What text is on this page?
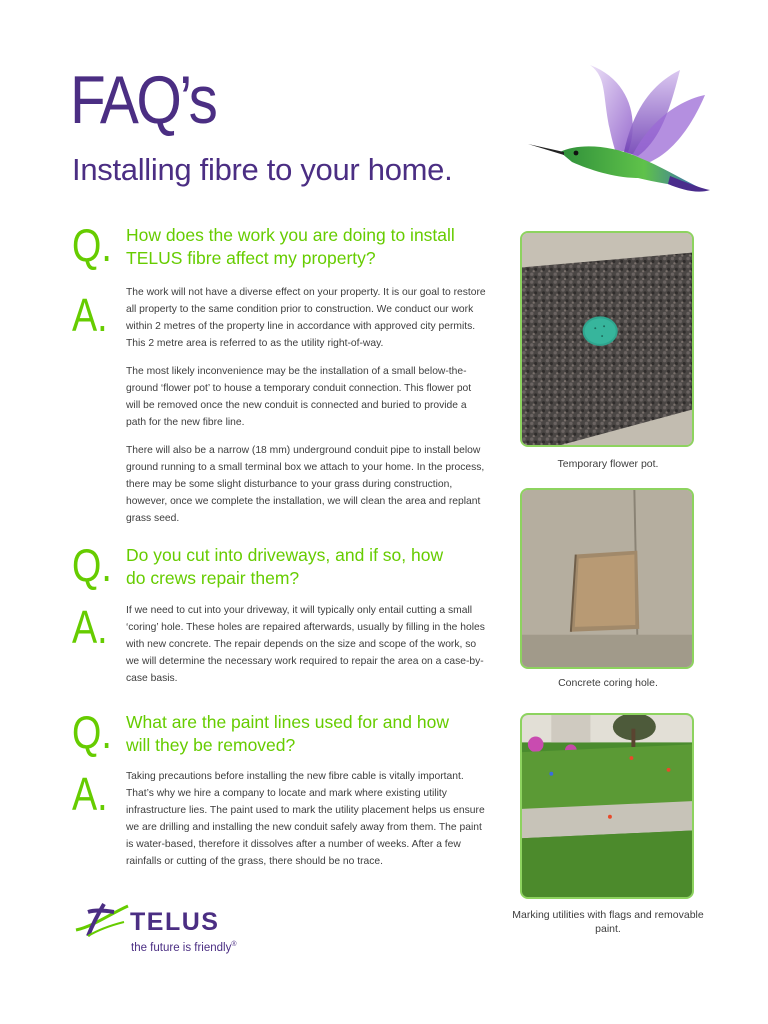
FAQ’s
Installing fibre to your home.
Q. How does the work you are doing to install TELUS fibre affect my property?
A. The work will not have a diverse effect on your property. It is our goal to restore all property to the same condition prior to construction. We conduct our work within 2 metres of the property line in accordance with approved city permits. This 2 metre area is referred to as the utility right-of-way.

The most likely inconvenience may be the installation of a small below-the-ground ‘flower pot’ to house a temporary conduit connection. This flower pot will be removed once the new conduit is connected and buried to provide a path for the new fibre line.

There will also be a narrow (18 mm) underground conduit pipe to install below ground running to a small terminal box we attach to your home. In the process, there may be some slight disturbance to your grass during construction, however, once we complete the installation, we will clean the area and replant grass seed.

Q. Do you cut into driveways, and if so, how do crews repair them?
A. If we need to cut into your driveway, it will typically only entail cutting a small ‘coring’ hole. These holes are repaired afterwards, usually by filling in the holes with new concrete. The repair depends on the size and scope of the work, so we will determine the necessary work required to repair the area on a case-by-case basis.

Q. What are the paint lines used for and how will they be removed?
A. Taking precautions before installing the new fibre cable is vitally important. That’s why we hire a company to locate and mark where existing utility infrastructure lies. The paint used to mark the utility placement helps us ensure we are drilling and installing the new conduit safely away from them. The paint is water-based, therefore it dissolves after a number of weeks. After a few rainfalls or cutting of the grass, there should be no trace.

Temporary flower pot.
Concrete coring hole.
Marking utilities with flags and removable paint.
TELUS
the future is friendly®
